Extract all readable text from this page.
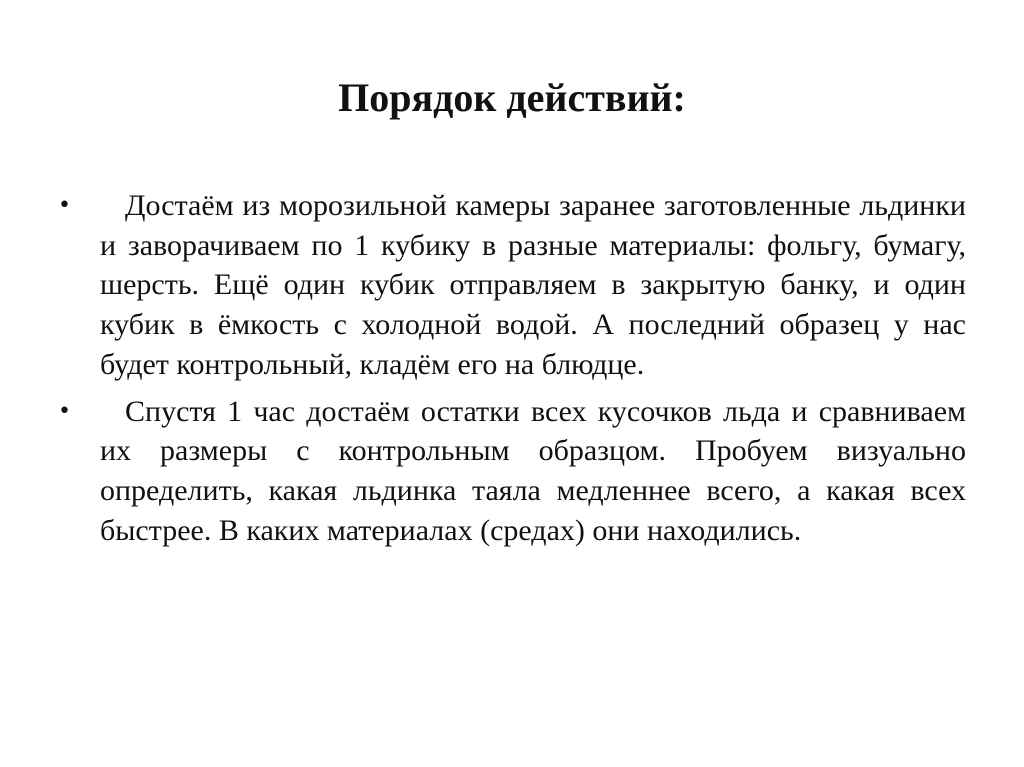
Порядок действий:
•	Достаём из морозильной камеры заранее заготовленные льдинки и заворачиваем по 1 кубику в разные материалы: фольгу, бумагу, шерсть. Ещё один кубик отправляем в закрытую банку, и один кубик в ёмкость с холодной водой. А последний образец у нас будет контрольный, кладём его на блюдце.
•	Спустя 1 час достаём остатки всех кусочков льда и сравниваем их размеры с контрольным образцом. Пробуем визуально определить, какая льдинка таяла медленнее всего, а какая всех быстрее. В каких материалах (средах) они находились.
